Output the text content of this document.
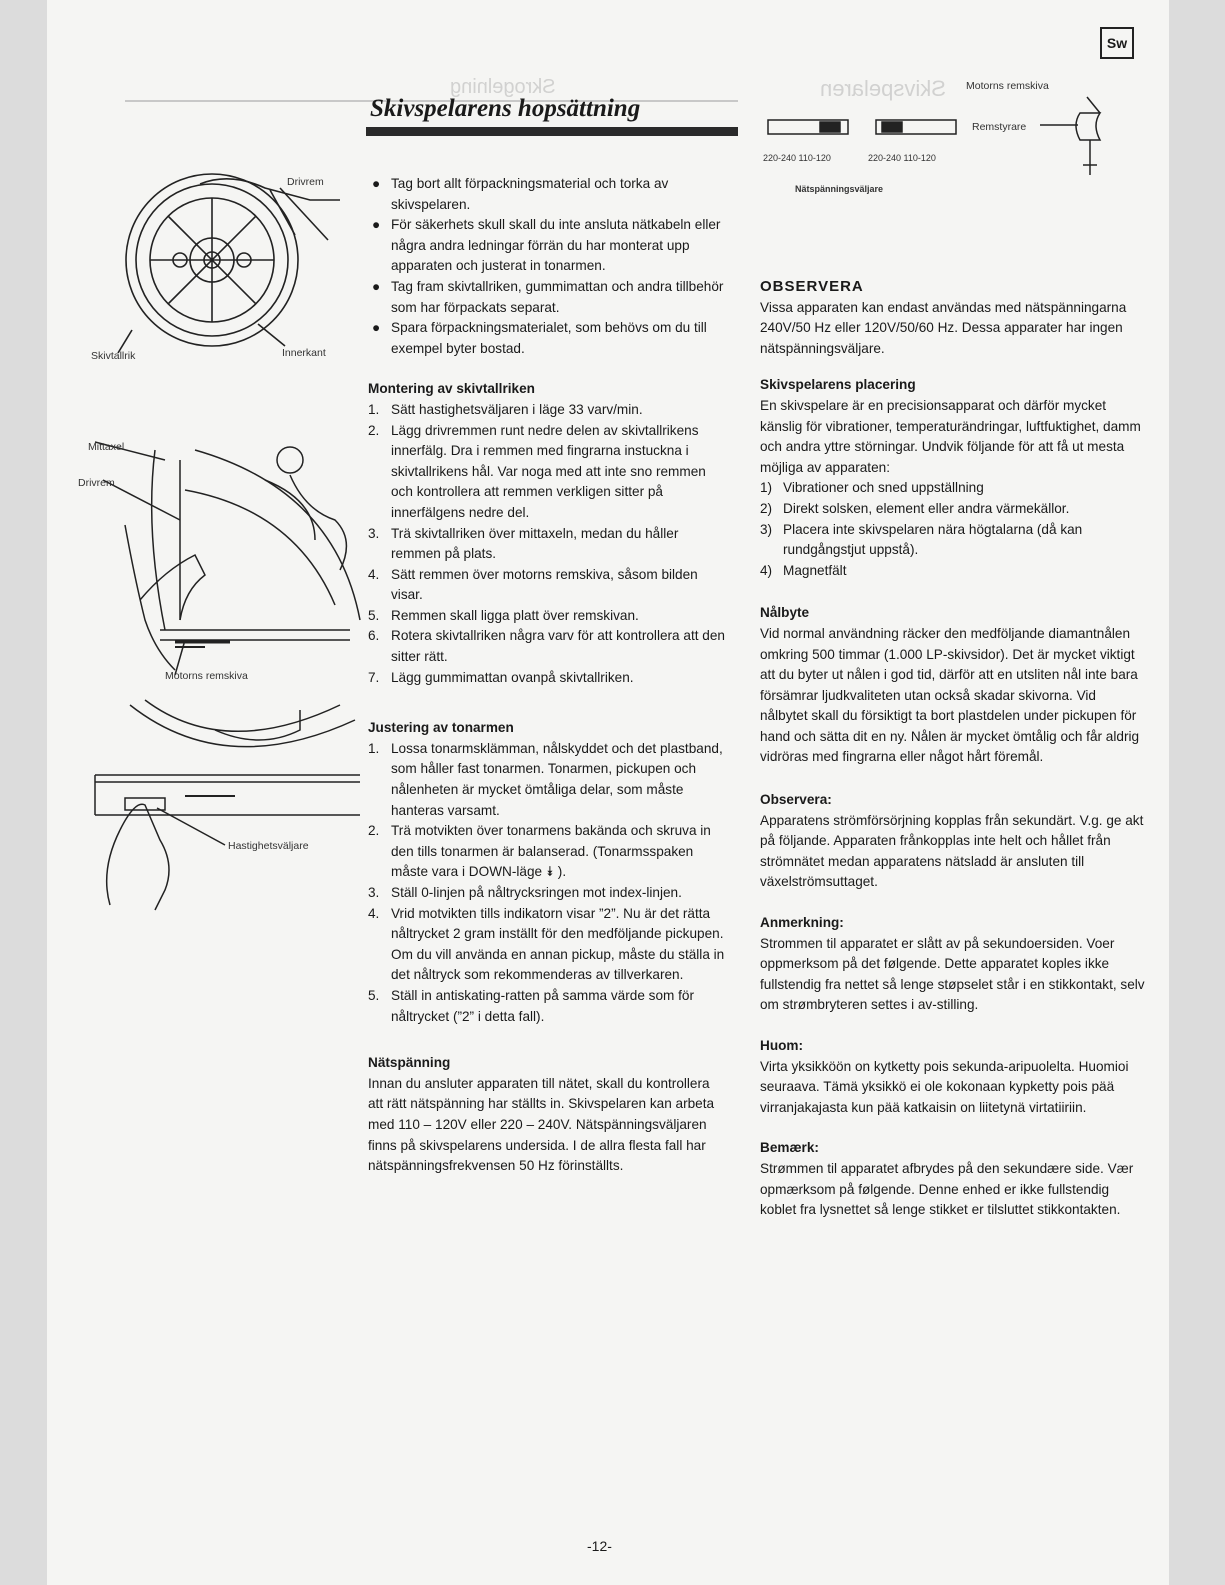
Skivspelaren
Skrogelning
Sw
Skivspelarens hopsättning
Drivrem
Skivtallrik	Innerkant
Mittaxel
Drivrem
Motorns remskiva
Hastighetsväljare
Motorns remskiva
Remstyrare
220-240 110-120	220-240 110-120
Nätspänningsväljare
● Tag bort allt förpackningsmaterial och torka av skivspelaren.
● För säkerhets skull skall du inte ansluta nätkabeln eller några andra ledningar förrän du har monterat upp apparaten och justerat in tonarmen.
● Tag fram skivtallriken, gummimattan och andra tillbehör som har förpackats separat.
● Spara förpackningsmaterialet, som behövs om du till exempel byter bostad.
Montering av skivtallriken
1. Sätt hastighetsväljaren i läge 33 varv/min.
2. Lägg drivremmen runt nedre delen av skivtallrikens innerfälg. Dra i remmen med fingrarna instuckna i skivtallrikens hål. Var noga med att inte sno remmen och kontrollera att remmen verkligen sitter på innerfälgens nedre del.
3. Trä skivtallriken över mittaxeln, medan du håller remmen på plats.
4. Sätt remmen över motorns remskiva, såsom bilden visar.
5. Remmen skall ligga platt över remskivan.
6. Rotera skivtallriken några varv för att kontrollera att den sitter rätt.
7. Lägg gummimattan ovanpå skivtallriken.
Justering av tonarmen
1. Lossa tonarmsklämman, nålskyddet och det plastband, som håller fast tonarmen. Tonarmen, pickupen och nålenheten är mycket ömtåliga delar, som måste hanteras varsamt.
2. Trä motvikten över tonarmens bakända och skruva in den tills tonarmen är balanserad. (Tonarmsspaken måste vara i DOWN-läge ⯯ ).
3. Ställ 0-linjen på nåltrycksringen mot index-linjen.
4. Vrid motvikten tills indikatorn visar ”2”. Nu är det rätta nåltrycket 2 gram inställt för den medföljande pickupen. Om du vill använda en annan pickup, måste du ställa in det nåltryck som rekommenderas av tillverkaren.
5. Ställ in antiskating-ratten på samma värde som för nåltrycket (”2” i detta fall).
Nätspänning

Innan du ansluter apparaten till nätet, skall du kontrollera att rätt nätspänning har ställts in. Skivspelaren kan arbeta med 110 – 120V eller 220 – 240V. Nätspänningsväljaren finns på skivspelarens undersida. I de allra flesta fall har nätspänningsfrekvensen 50 Hz förinställts.

OBSERVERA

Vissa apparaten kan endast användas med nätspänningarna 240V/50 Hz eller 120V/50/60 Hz. Dessa apparater har ingen nätspänningsväljare.

Skivspelarens placering

En skivspelare är en precisionsapparat och därför mycket känslig för vibrationer, temperaturändringar, luftfuktighet, damm och andra yttre störningar. Undvik följande för att få ut mesta möjliga av apparaten:

1) Vibrationer och sned uppställning
2) Direkt solsken, element eller andra värmekällor.
3) Placera inte skivspelaren nära högtalarna (då kan rundgångstjut uppstå).
4) Magnetfält
Nålbyte

Vid normal användning räcker den medföljande diamantnålen omkring 500 timmar (1.000 LP-skivsidor). Det är mycket viktigt att du byter ut nålen i god tid, därför att en utsliten nål inte bara försämrar ljudkvaliteten utan också skadar skivorna. Vid nålbytet skall du försiktigt ta bort plastdelen under pickupen för hand och sätta dit en ny. Nålen är mycket ömtålig och får aldrig vidröras med fingrarna eller något hårt föremål.

Observera:

Apparatens strömförsörjning kopplas från sekundärt. V.g. ge akt på följande. Apparaten frånkopplas inte helt och hållet från strömnätet medan apparatens nätsladd är ansluten till växelströmsuttaget.

Anmerkning:

Strommen til apparatet er slått av på sekundoersiden. Voer oppmerksom på det følgende. Dette apparatet koples ikke fullstendig fra nettet så lenge støpselet står i en stikkontakt, selv om strømbryteren settes i av-stilling.

Huom:

Virta yksikköön on kytketty pois sekunda-aripuolelta. Huomioi seuraava. Tämä yksikkö ei ole kokonaan kypketty pois pää virranjakajasta kun pää katkaisin on liitetynä virtatiiriin.

Bemærk:

Strømmen til apparatet afbrydes på den sekundære side. Vær opmærksom på følgende. Denne enhed er ikke fullstendig koblet fra lysnettet så lenge stikket er tilsluttet stikkontakten.

-12-
